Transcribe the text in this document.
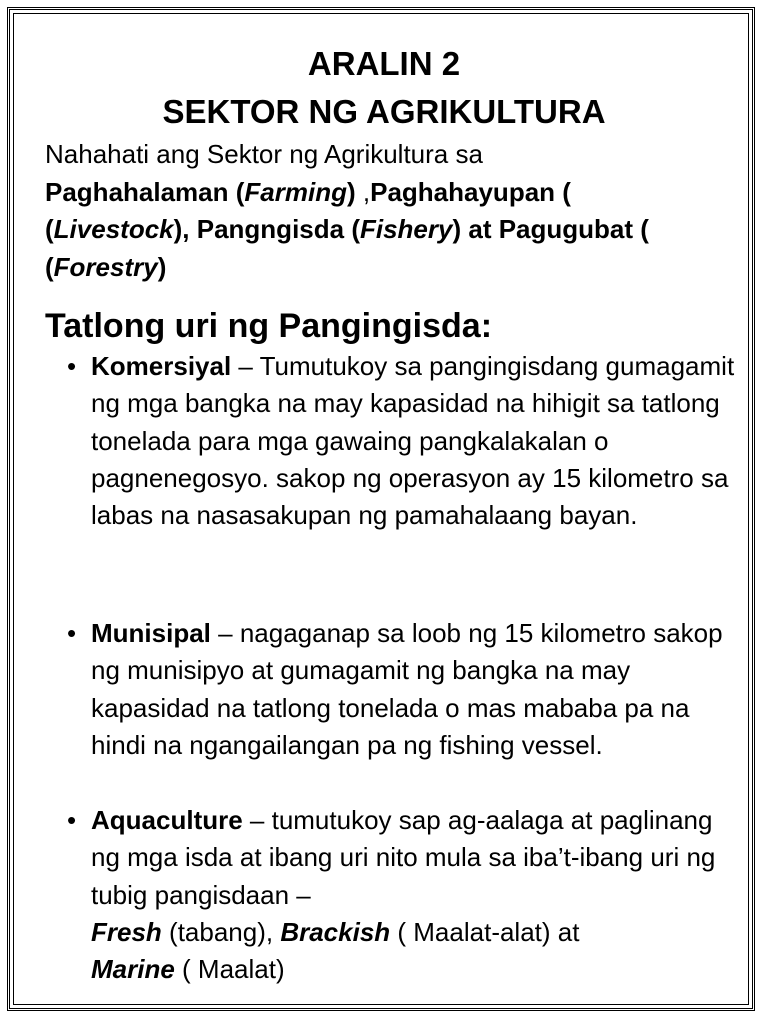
ARALIN 2
SEKTOR NG AGRIKULTURA

Nahahati ang Sektor ng Agrikultura sa
Paghahalaman (Farming) ,Paghahayupan (
(Livestock), Pangngisda (Fishery) at Pagugubat (
(Forestry)

Tatlong uri ng Pangingisda:
• Komersiyal – Tumutukoy sa pangingisdang gumagamit ng mga bangka na may kapasidad na hihigit sa tatlong tonelada para mga gawaing pangkalakalan o pagnenegosyo. sakop ng operasyon ay 15 kilometro sa labas na nasasakupan ng pamahalaang bayan.
• Munisipal – nagaganap sa loob ng 15 kilometro sakop ng munisipyo at gumagamit ng bangka na may kapasidad na tatlong tonelada o mas mababa pa na hindi na ngangailangan pa ng fishing vessel.
• Aquaculture – tumutukoy sap ag-aalaga at paglinang ng mga isda at ibang uri nito mula sa iba’t-ibang uri ng tubig pangisdaan –
Fresh (tabang), Brackish ( Maalat-alat) at
Marine ( Maalat)
